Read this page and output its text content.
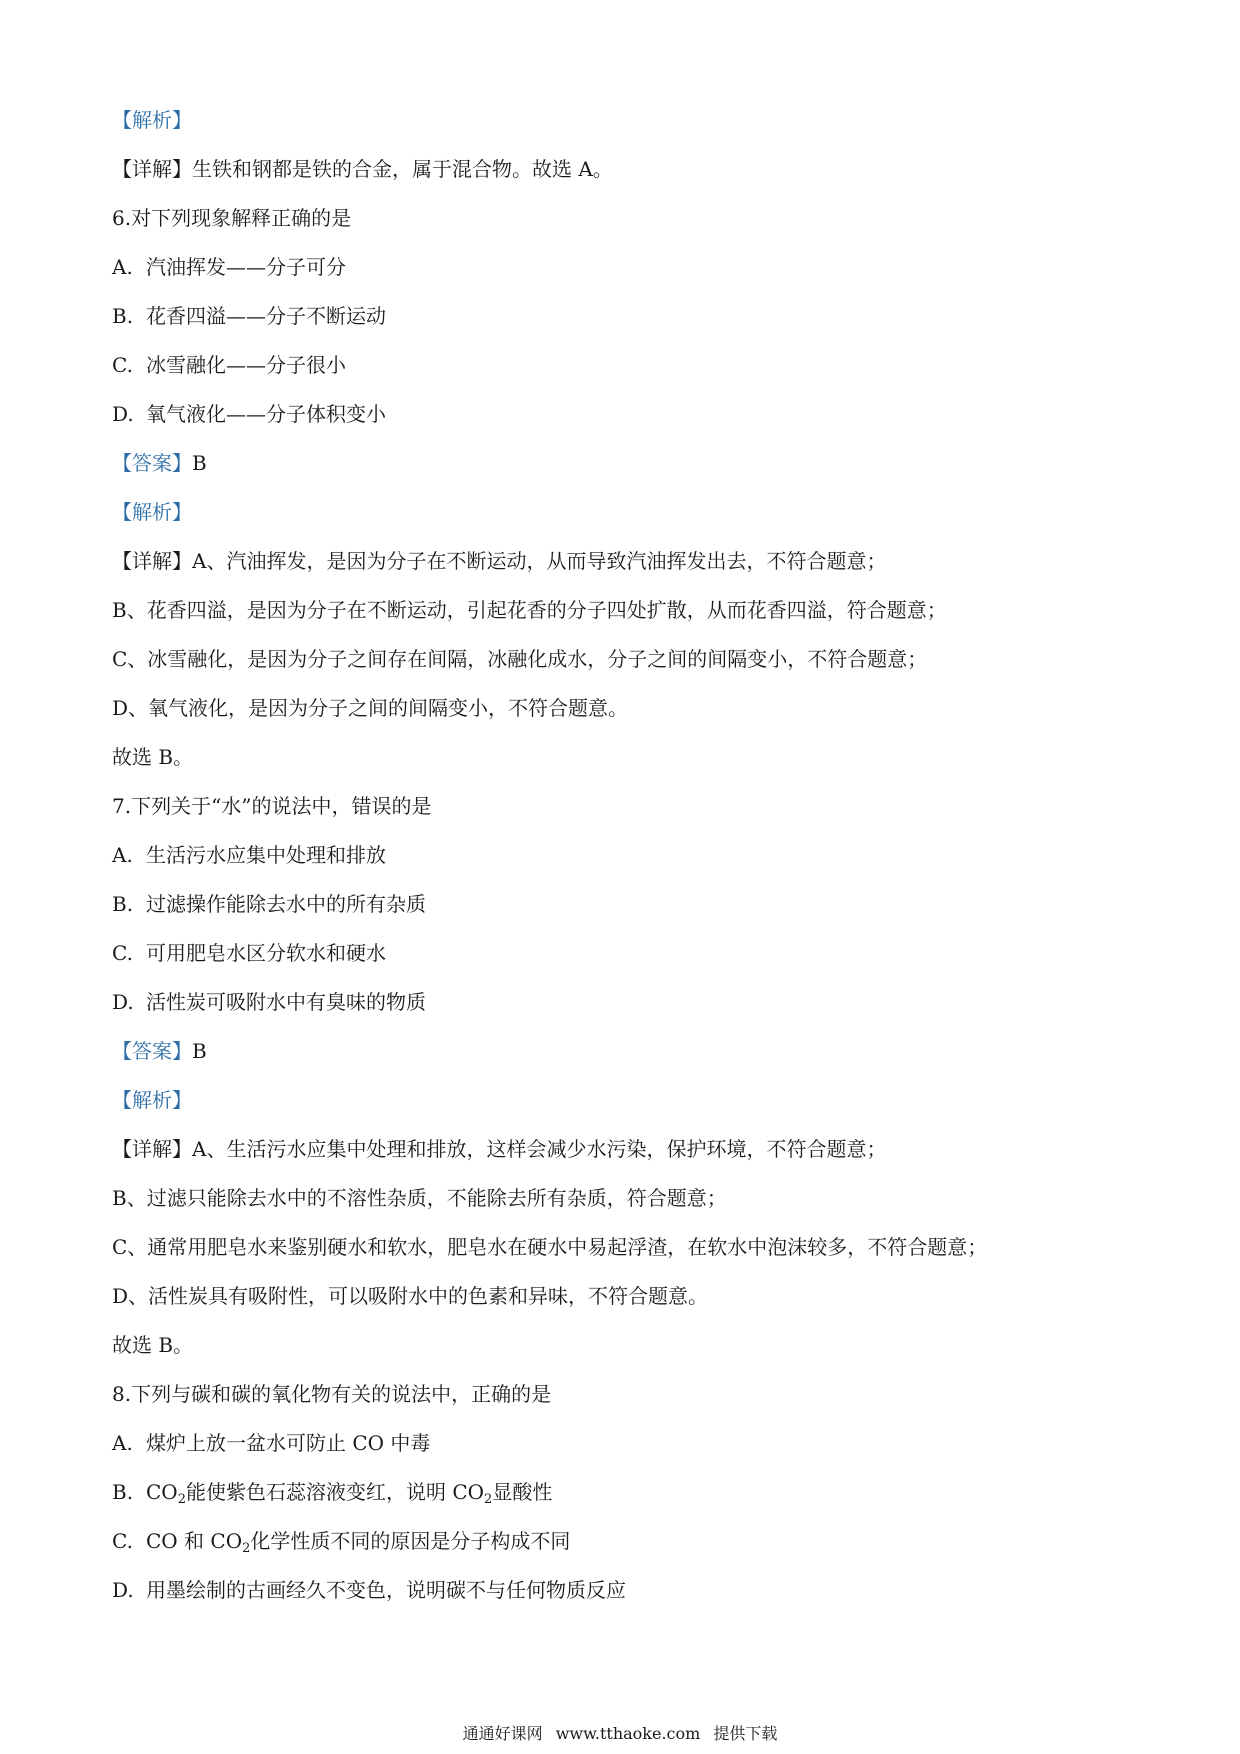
【解析】
【详解】生铁和钢都是铁的合金，属于混合物。故选 A。
6.对下列现象解释正确的是
A. 汽油挥发——分子可分
B. 花香四溢——分子不断运动
C. 冰雪融化——分子很小
D. 氧气液化——分子体积变小
【答案】B
【解析】
【详解】A、汽油挥发，是因为分子在不断运动，从而导致汽油挥发出去，不符合题意；
B、花香四溢，是因为分子在不断运动，引起花香的分子四处扩散，从而花香四溢，符合题意；
C、冰雪融化，是因为分子之间存在间隔，冰融化成水，分子之间的间隔变小，不符合题意；
D、氧气液化，是因为分子之间的间隔变小，不符合题意。
故选 B。
7.下列关于“水”的说法中，错误的是
A. 生活污水应集中处理和排放
B. 过滤操作能除去水中的所有杂质
C. 可用肥皂水区分软水和硬水
D. 活性炭可吸附水中有臭味的物质
【答案】B
【解析】
【详解】A、生活污水应集中处理和排放，这样会减少水污染，保护环境，不符合题意；
B、过滤只能除去水中的不溶性杂质，不能除去所有杂质，符合题意；
C、通常用肥皂水来鉴别硬水和软水，肥皂水在硬水中易起浮渣，在软水中泡沫较多，不符合题意；
D、活性炭具有吸附性，可以吸附水中的色素和异味，不符合题意。
故选 B。
8.下列与碳和碳的氧化物有关的说法中，正确的是
A. 煤炉上放一盆水可防止 CO 中毒
B. $CO_2$能使紫色石蕊溶液变红，说明 $CO_2$显酸性
C. CO 和 $CO_2$化学性质不同的原因是分子构成不同
D. 用墨绘制的古画经久不变色，说明碳不与任何物质反应
通通好课网 www.tthaoke.com 提供下载
